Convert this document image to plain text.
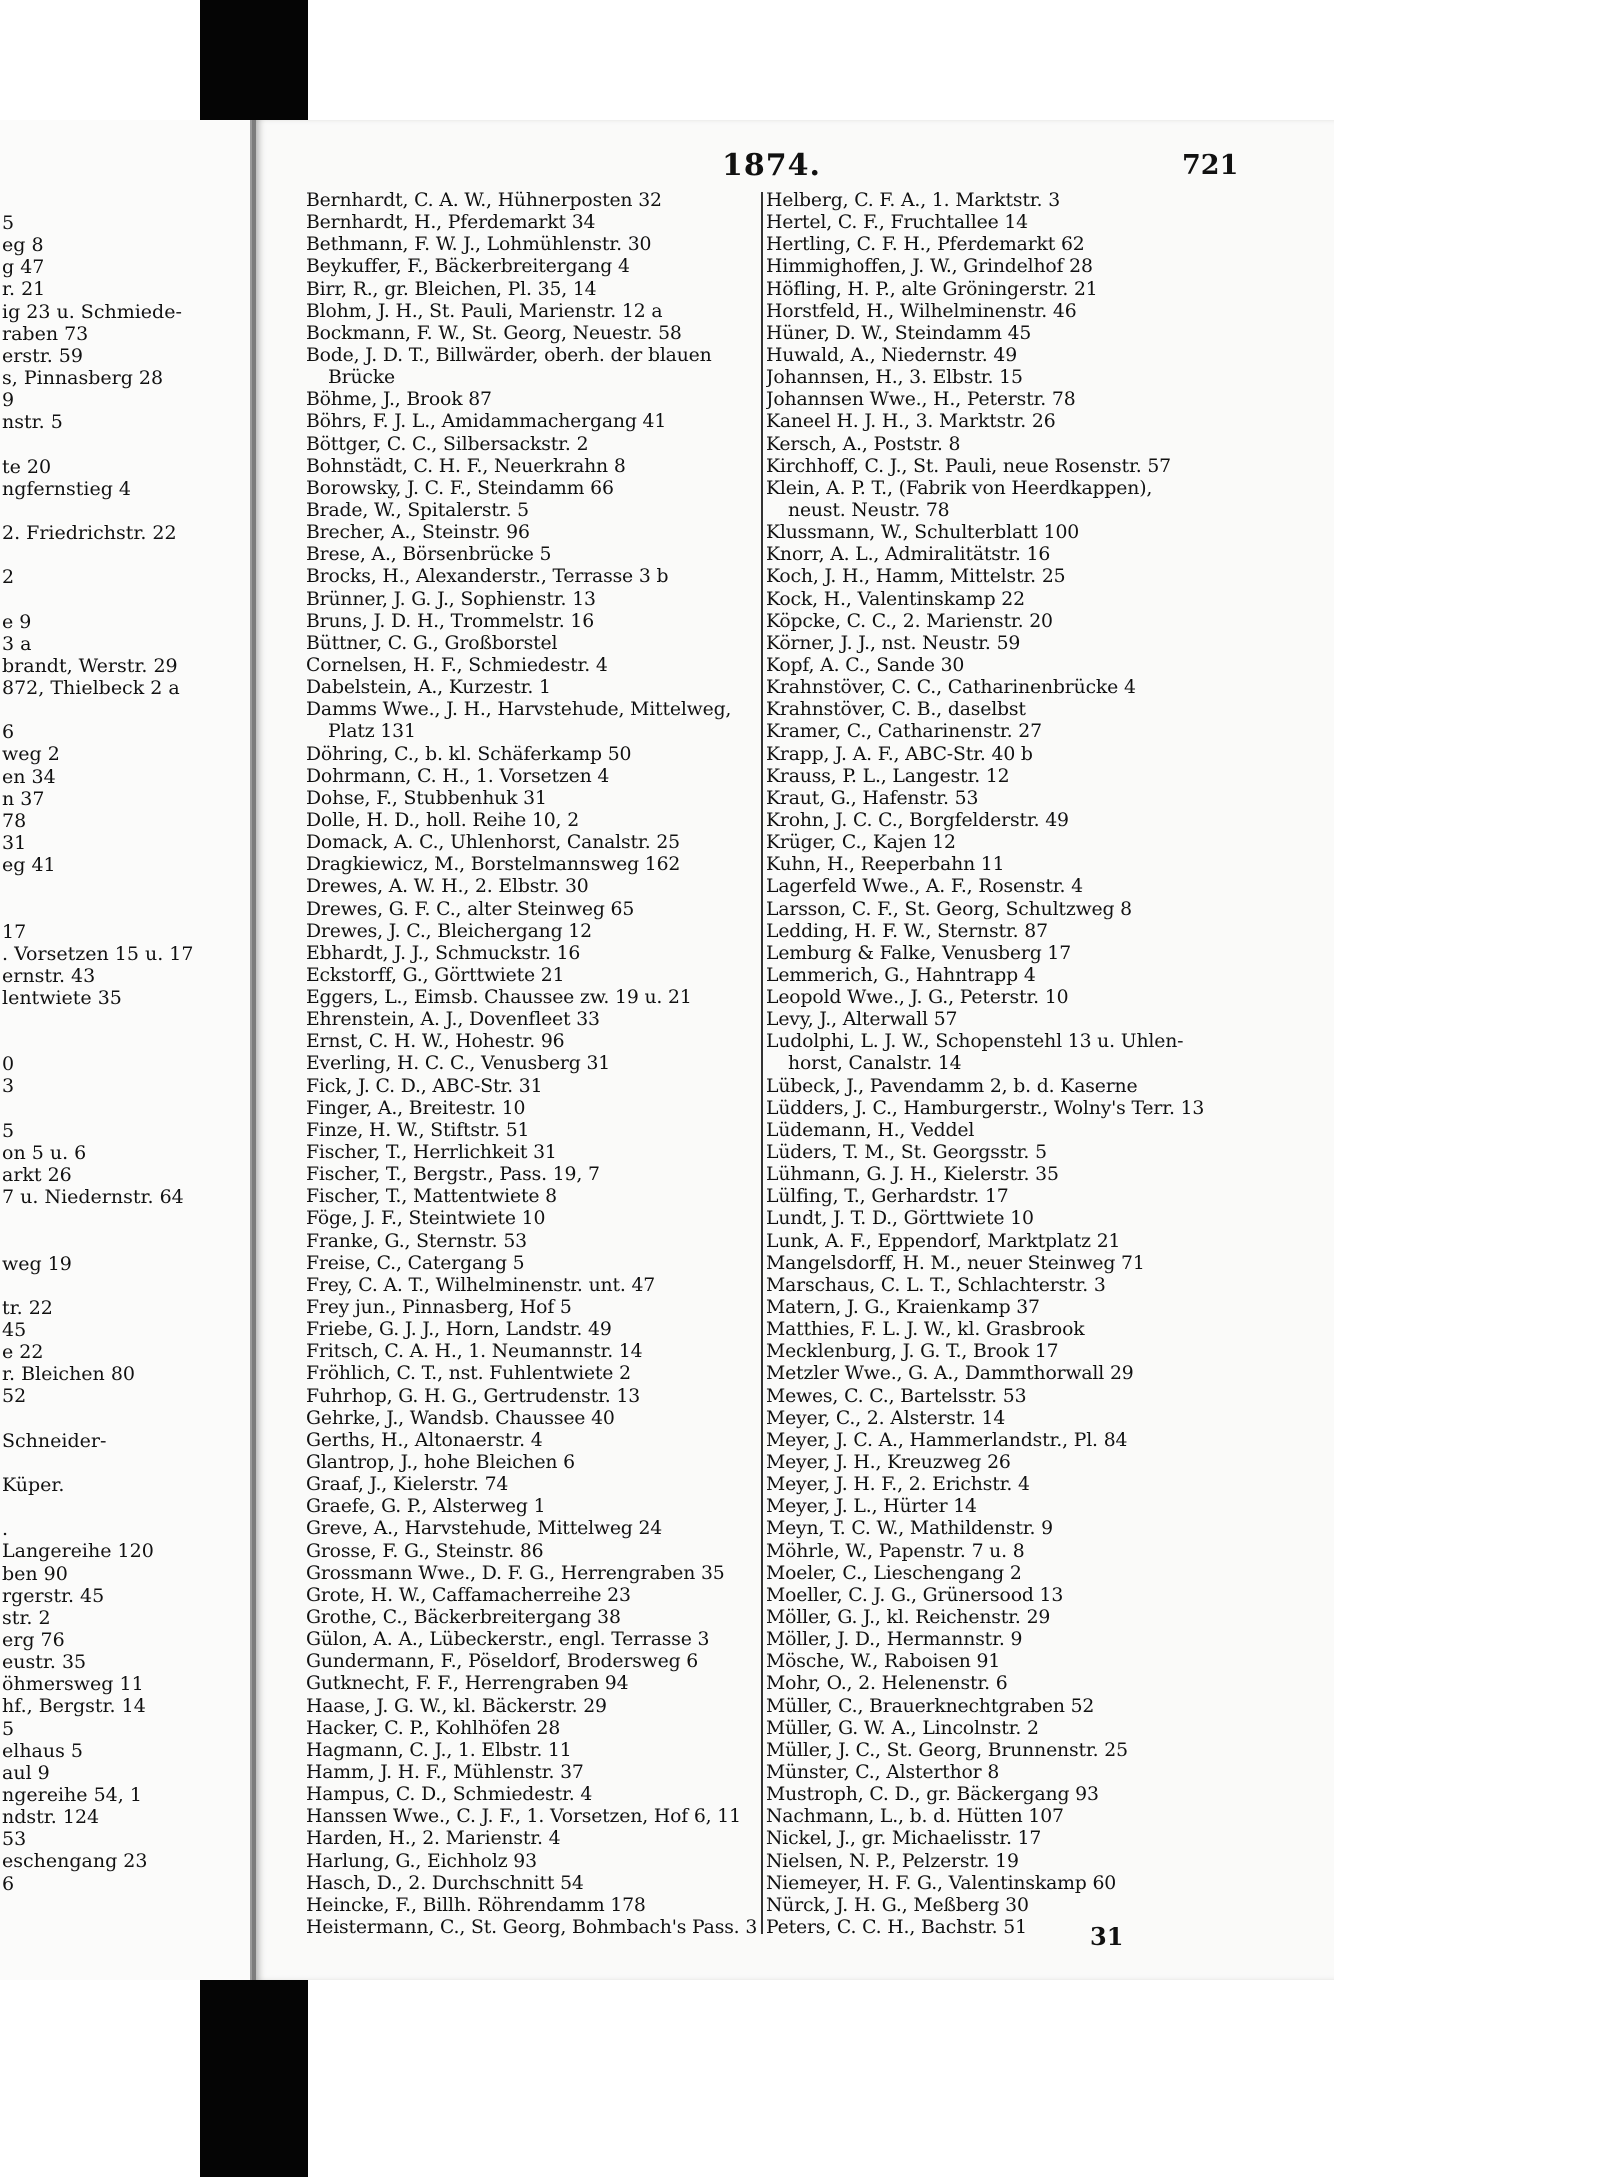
5
eg 8
g 47
r. 21
ig 23 u. Schmiede-
raben 73
erstr. 59
s, Pinnasberg 28
9
nstr. 5
te 20
ngfernstieg 4
2. Friedrichstr. 22
2
e 9
3 a
brandt, Werstr. 29
872, Thielbeck 2 a
6
weg 2
en 34
n 37
78
31
eg 41
17
. Vorsetzen 15 u. 17
ernstr. 43
lentwiete 35
0
3
5
on 5 u. 6
arkt 26
7 u. Niedernstr. 64
weg 19
tr. 22
45
e 22
r. Bleichen 80
52
Schneider-
Küper.
.
Langereihe 120
ben 90
rgerstr. 45
str. 2
erg 76
eustr. 35
öhmersweg 11
hf., Bergstr. 14
5
elhaus 5
aul 9
ngereihe 54, 1
ndstr. 124
53
eschengang 23
6
1874.	721
Bernhardt, C. A. W., Hühnerposten 32
Bernhardt, H., Pferdemarkt 34
Bethmann, F. W. J., Lohmühlenstr. 30
Beykuffer, F., Bäckerbreitergang 4
Birr, R., gr. Bleichen, Pl. 35, 14
Blohm, J. H., St. Pauli, Marienstr. 12 a
Bockmann, F. W., St. Georg, Neuestr. 58
Bode, J. D. T., Billwärder, oberh. der blauen
Brücke
Böhme, J., Brook 87
Böhrs, F. J. L., Amidammachergang 41
Böttger, C. C., Silbersackstr. 2
Bohnstädt, C. H. F., Neuerkrahn 8
Borowsky, J. C. F., Steindamm 66
Brade, W., Spitalerstr. 5
Brecher, A., Steinstr. 96
Brese, A., Börsenbrücke 5
Brocks, H., Alexanderstr., Terrasse 3 b
Brünner, J. G. J., Sophienstr. 13
Bruns, J. D. H., Trommelstr. 16
Büttner, C. G., Großborstel
Cornelsen, H. F., Schmiedestr. 4
Dabelstein, A., Kurzestr. 1
Damms Wwe., J. H., Harvstehude, Mittelweg,
Platz 131
Döhring, C., b. kl. Schäferkamp 50
Dohrmann, C. H., 1. Vorsetzen 4
Dohse, F., Stubbenhuk 31
Dolle, H. D., holl. Reihe 10, 2
Domack, A. C., Uhlenhorst, Canalstr. 25
Dragkiewicz, M., Borstelmannsweg 162
Drewes, A. W. H., 2. Elbstr. 30
Drewes, G. F. C., alter Steinweg 65
Drewes, J. C., Bleichergang 12
Ebhardt, J. J., Schmuckstr. 16
Eckstorff, G., Görttwiete 21
Eggers, L., Eimsb. Chaussee zw. 19 u. 21
Ehrenstein, A. J., Dovenfleet 33
Ernst, C. H. W., Hohestr. 96
Everling, H. C. C., Venusberg 31
Fick, J. C. D., ABC-Str. 31
Finger, A., Breitestr. 10
Finze, H. W., Stiftstr. 51
Fischer, T., Herrlichkeit 31
Fischer, T., Bergstr., Pass. 19, 7
Fischer, T., Mattentwiete 8
Föge, J. F., Steintwiete 10
Franke, G., Sternstr. 53
Freise, C., Catergang 5
Frey, C. A. T., Wilhelminenstr. unt. 47
Frey jun., Pinnasberg, Hof 5
Friebe, G. J. J., Horn, Landstr. 49
Fritsch, C. A. H., 1. Neumannstr. 14
Fröhlich, C. T., nst. Fuhlentwiete 2
Fuhrhop, G. H. G., Gertrudenstr. 13
Gehrke, J., Wandsb. Chaussee 40
Gerths, H., Altonaerstr. 4
Glantrop, J., hohe Bleichen 6
Graaf, J., Kielerstr. 74
Graefe, G. P., Alsterweg 1
Greve, A., Harvstehude, Mittelweg 24
Grosse, F. G., Steinstr. 86
Grossmann Wwe., D. F. G., Herrengraben 35
Grote, H. W., Caffamacherreihe 23
Grothe, C., Bäckerbreitergang 38
Gülon, A. A., Lübeckerstr., engl. Terrasse 3
Gundermann, F., Pöseldorf, Brodersweg 6
Gutknecht, F. F., Herrengraben 94
Haase, J. G. W., kl. Bäckerstr. 29
Hacker, C. P., Kohlhöfen 28
Hagmann, C. J., 1. Elbstr. 11
Hamm, J. H. F., Mühlenstr. 37
Hampus, C. D., Schmiedestr. 4
Hanssen Wwe., C. J. F., 1. Vorsetzen, Hof 6, 11
Harden, H., 2. Marienstr. 4
Harlung, G., Eichholz 93
Hasch, D., 2. Durchschnitt 54
Heincke, F., Billh. Röhrendamm 178
Heistermann, C., St. Georg, Bohmbach's Pass. 3
Helberg, C. F. A., 1. Marktstr. 3
Hertel, C. F., Fruchtallee 14
Hertling, C. F. H., Pferdemarkt 62
Himmighoffen, J. W., Grindelhof 28
Höfling, H. P., alte Gröningerstr. 21
Horstfeld, H., Wilhelminenstr. 46
Hüner, D. W., Steindamm 45
Huwald, A., Niedernstr. 49
Johannsen, H., 3. Elbstr. 15
Johannsen Wwe., H., Peterstr. 78
Kaneel H. J. H., 3. Marktstr. 26
Kersch, A., Poststr. 8
Kirchhoff, C. J., St. Pauli, neue Rosenstr. 57
Klein, A. P. T., (Fabrik von Heerdkappen),
neust. Neustr. 78
Klussmann, W., Schulterblatt 100
Knorr, A. L., Admiralitätstr. 16
Koch, J. H., Hamm, Mittelstr. 25
Kock, H., Valentinskamp 22
Köpcke, C. C., 2. Marienstr. 20
Körner, J. J., nst. Neustr. 59
Kopf, A. C., Sande 30
Krahnstöver, C. C., Catharinenbrücke 4
Krahnstöver, C. B., daselbst
Kramer, C., Catharinenstr. 27
Krapp, J. A. F., ABC-Str. 40 b
Krauss, P. L., Langestr. 12
Kraut, G., Hafenstr. 53
Krohn, J. C. C., Borgfelderstr. 49
Krüger, C., Kajen 12
Kuhn, H., Reeperbahn 11
Lagerfeld Wwe., A. F., Rosenstr. 4
Larsson, C. F., St. Georg, Schultzweg 8
Ledding, H. F. W., Sternstr. 87
Lemburg & Falke, Venusberg 17
Lemmerich, G., Hahntrapp 4
Leopold Wwe., J. G., Peterstr. 10
Levy, J., Alterwall 57
Ludolphi, L. J. W., Schopenstehl 13 u. Uhlen-
horst, Canalstr. 14
Lübeck, J., Pavendamm 2, b. d. Kaserne
Lüdders, J. C., Hamburgerstr., Wolny's Terr. 13
Lüdemann, H., Veddel
Lüders, T. M., St. Georgsstr. 5
Lühmann, G. J. H., Kielerstr. 35
Lülfing, T., Gerhardstr. 17
Lundt, J. T. D., Görttwiete 10
Lunk, A. F., Eppendorf, Marktplatz 21
Mangelsdorff, H. M., neuer Steinweg 71
Marschaus, C. L. T., Schlachterstr. 3
Matern, J. G., Kraienkamp 37
Matthies, F. L. J. W., kl. Grasbrook
Mecklenburg, J. G. T., Brook 17
Metzler Wwe., G. A., Dammthorwall 29
Mewes, C. C., Bartelsstr. 53
Meyer, C., 2. Alsterstr. 14
Meyer, J. C. A., Hammerlandstr., Pl. 84
Meyer, J. H., Kreuzweg 26
Meyer, J. H. F., 2. Erichstr. 4
Meyer, J. L., Hürter 14
Meyn, T. C. W., Mathildenstr. 9
Möhrle, W., Papenstr. 7 u. 8
Moeler, C., Lieschengang 2
Moeller, C. J. G., Grünersood 13
Möller, G. J., kl. Reichenstr. 29
Möller, J. D., Hermannstr. 9
Mösche, W., Raboisen 91
Mohr, O., 2. Helenenstr. 6
Müller, C., Brauerknechtgraben 52
Müller, G. W. A., Lincolnstr. 2
Müller, J. C., St. Georg, Brunnenstr. 25
Münster, C., Alsterthor 8
Mustroph, C. D., gr. Bäckergang 93
Nachmann, L., b. d. Hütten 107
Nickel, J., gr. Michaelisstr. 17
Nielsen, N. P., Pelzerstr. 19
Niemeyer, H. F. G., Valentinskamp 60
Nürck, J. H. G., Meßberg 30
Peters, C. C. H., Bachstr. 51	31
